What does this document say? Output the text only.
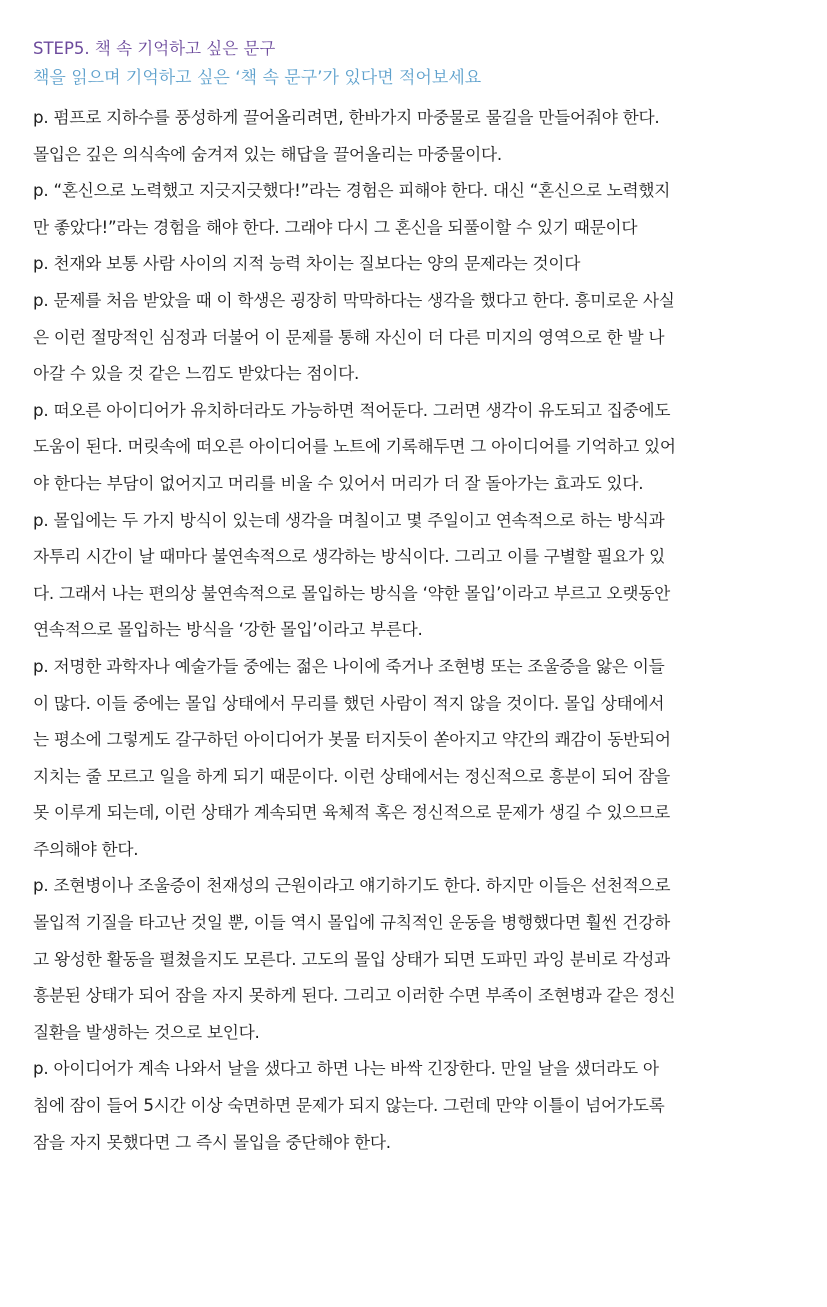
STEP5. 책 속 기억하고 싶은 문구
책을 읽으며 기억하고 싶은 ‘책 속 문구’가 있다면 적어보세요
p. 펌프로 지하수를 풍성하게 끌어올리려면, 한바가지 마중물로 물길을 만들어줘야 한다.
몰입은 깊은 의식속에 숨겨져 있는 해답을 끌어올리는 마중물이다.
p. “혼신으로 노력했고 지긋지긋했다!”라는 경험은 피해야 한다. 대신 “혼신으로 노력했지
만 좋았다!”라는 경험을 해야 한다. 그래야 다시 그 혼신을 되풀이할 수 있기 때문이다
p. 천재와 보통 사람 사이의 지적 능력 차이는 질보다는 양의 문제라는 것이다
p. 문제를 처음 받았을 때 이 학생은 굉장히 막막하다는 생각을 했다고 한다. 흥미로운 사실
은 이런 절망적인 심정과 더불어 이 문제를 통해 자신이 더 다른 미지의 영역으로 한 발 나
아갈 수 있을 것 같은 느낌도 받았다는 점이다.
p. 떠오른 아이디어가 유치하더라도 가능하면 적어둔다. 그러면 생각이 유도되고 집중에도
도움이 된다. 머릿속에 떠오른 아이디어를 노트에 기록해두면 그 아이디어를 기억하고 있어
야 한다는 부담이 없어지고 머리를 비울 수 있어서 머리가 더 잘 돌아가는 효과도 있다.
p. 몰입에는 두 가지 방식이 있는데 생각을 며칠이고 몇 주일이고 연속적으로 하는 방식과
자투리 시간이 날 때마다 불연속적으로 생각하는 방식이다. 그리고 이를 구별할 필요가 있
다. 그래서 나는 편의상 불연속적으로 몰입하는 방식을 ‘약한 몰입’이라고 부르고 오랫동안
연속적으로 몰입하는 방식을 ‘강한 몰입’이라고 부른다.
p. 저명한 과학자나 예술가들 중에는 젊은 나이에 죽거나 조현병 또는 조울증을 앓은 이들
이 많다. 이들 중에는 몰입 상태에서 무리를 했던 사람이 적지 않을 것이다. 몰입 상태에서
는 평소에 그렇게도 갈구하던 아이디어가 봇물 터지듯이 쏟아지고 약간의 쾌감이 동반되어
지치는 줄 모르고 일을 하게 되기 때문이다. 이런 상태에서는 정신적으로 흥분이 되어 잠을
못 이루게 되는데, 이런 상태가 계속되면 육체적 혹은 정신적으로 문제가 생길 수 있으므로
주의해야 한다.
p. 조현병이나 조울증이 천재성의 근원이라고 얘기하기도 한다. 하지만 이들은 선천적으로
몰입적 기질을 타고난 것일 뿐, 이들 역시 몰입에 규칙적인 운동을 병행했다면 훨씬 건강하
고 왕성한 활동을 펼쳤을지도 모른다. 고도의 몰입 상태가 되면 도파민 과잉 분비로 각성과
흥분된 상태가 되어 잠을 자지 못하게 된다. 그리고 이러한 수면 부족이 조현병과 같은 정신
질환을 발생하는 것으로 보인다.
p. 아이디어가 계속 나와서 날을 샜다고 하면 나는 바싹 긴장한다. 만일 날을 샜더라도 아
침에 잠이 들어 5시간 이상 숙면하면 문제가 되지 않는다. 그런데 만약 이틀이 넘어가도록
잠을 자지 못했다면 그 즉시 몰입을 중단해야 한다.
